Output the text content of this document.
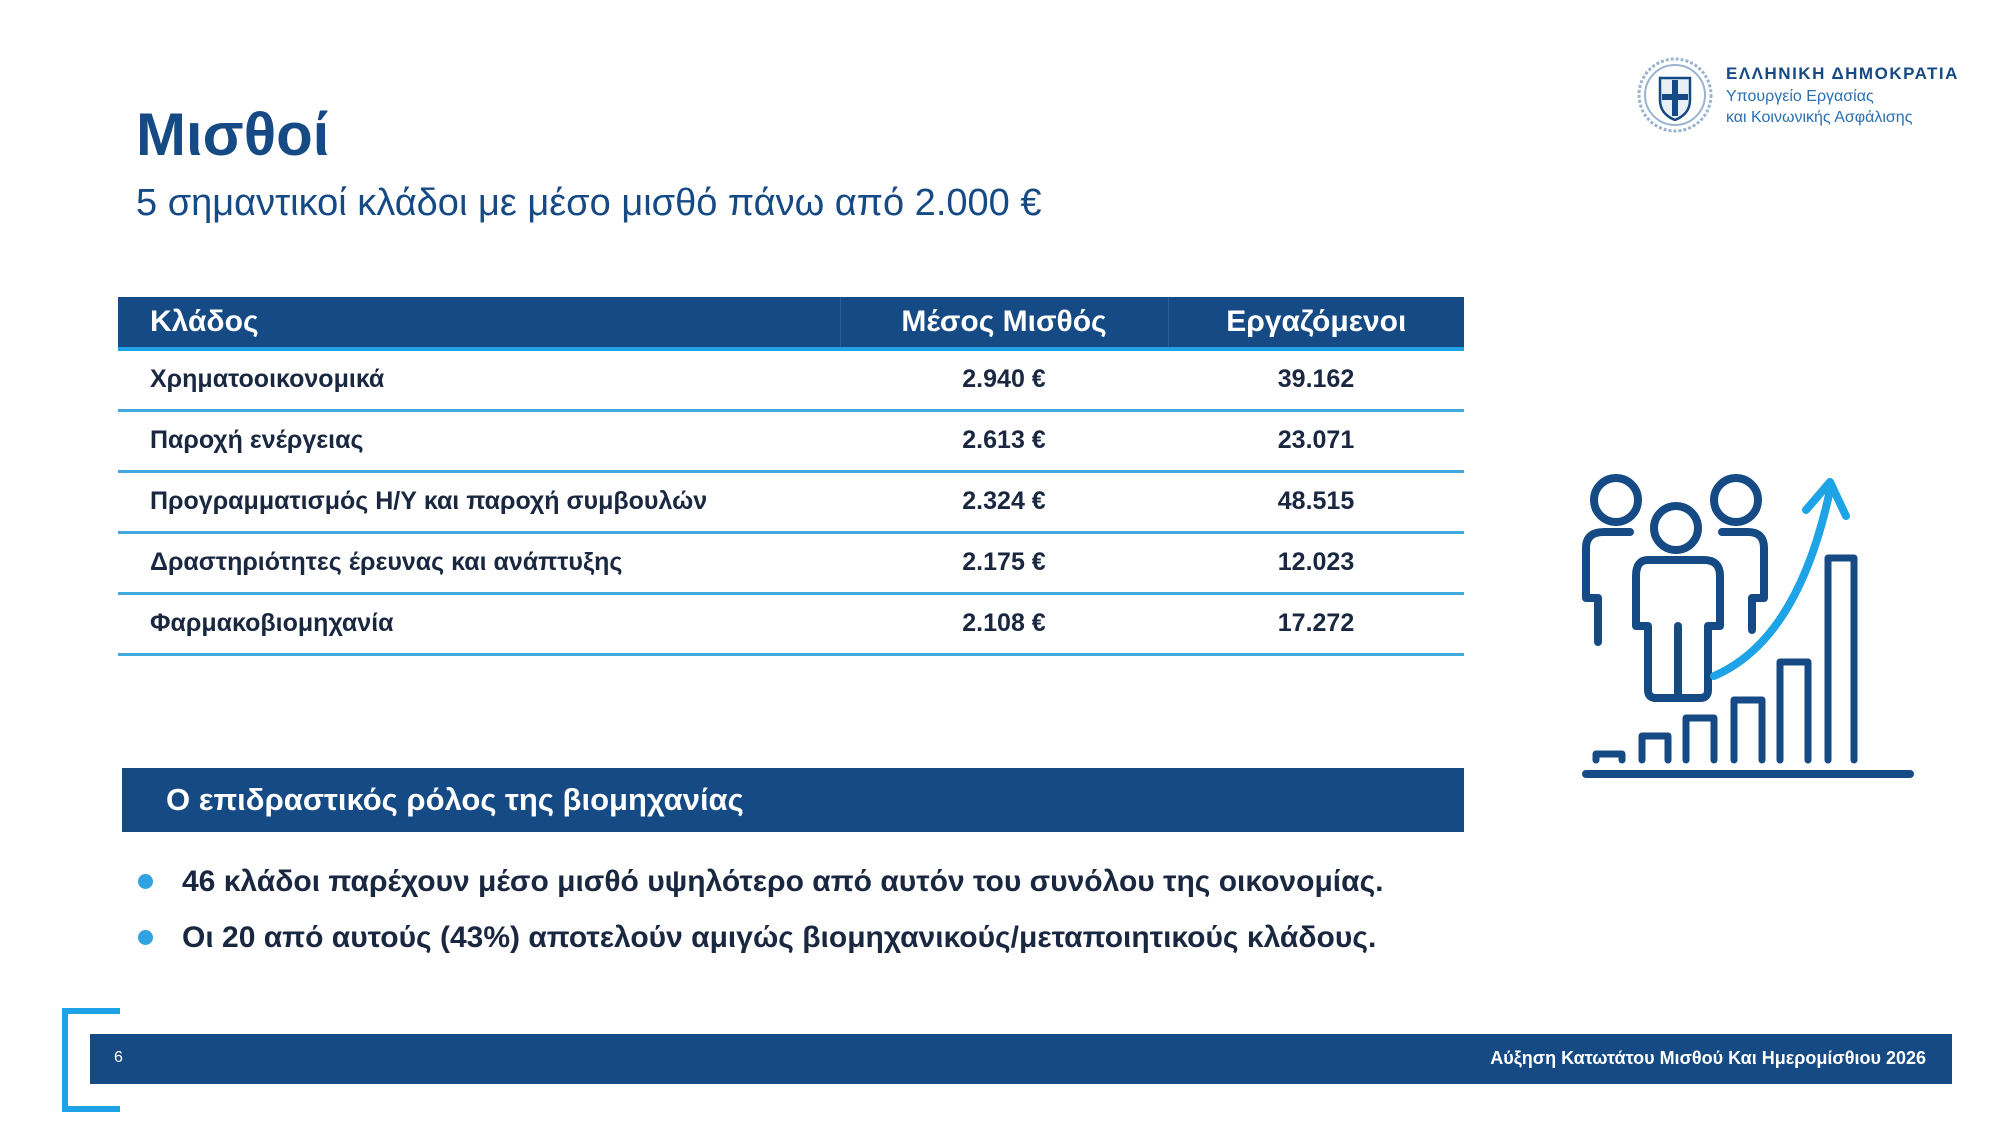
Μισθοί
5 σημαντικοί κλάδοι με μέσο μισθό πάνω από 2.000 €
ΕΛΛΗΝΙΚΗ ΔΗΜΟΚΡΑΤΙΑ
Υπουργείο Εργασίας
και Κοινωνικής Ασφάλισης
Κλάδος	Μέσος Μισθός	Εργαζόμενοι
Χρηματοοικονομικά	2.940 €	39.162
Παροχή ενέργειας	2.613 €	23.071
Προγραμματισμός Η/Υ και παροχή συμβουλών	2.324 €	48.515
Δραστηριότητες έρευνας και ανάπτυξης	2.175 €	12.023
Φαρμακοβιομηχανία	2.108 €	17.272
Ο επιδραστικός ρόλος της βιομηχανίας
46 κλάδοι παρέχουν μέσο μισθό υψηλότερο από αυτόν του συνόλου της οικονομίας.
Οι 20 από αυτούς (43%) αποτελούν αμιγώς βιομηχανικούς/μεταποιητικούς κλάδους.
6	Αύξηση Κατωτάτου Μισθού Και Ημερομίσθιου 2026
